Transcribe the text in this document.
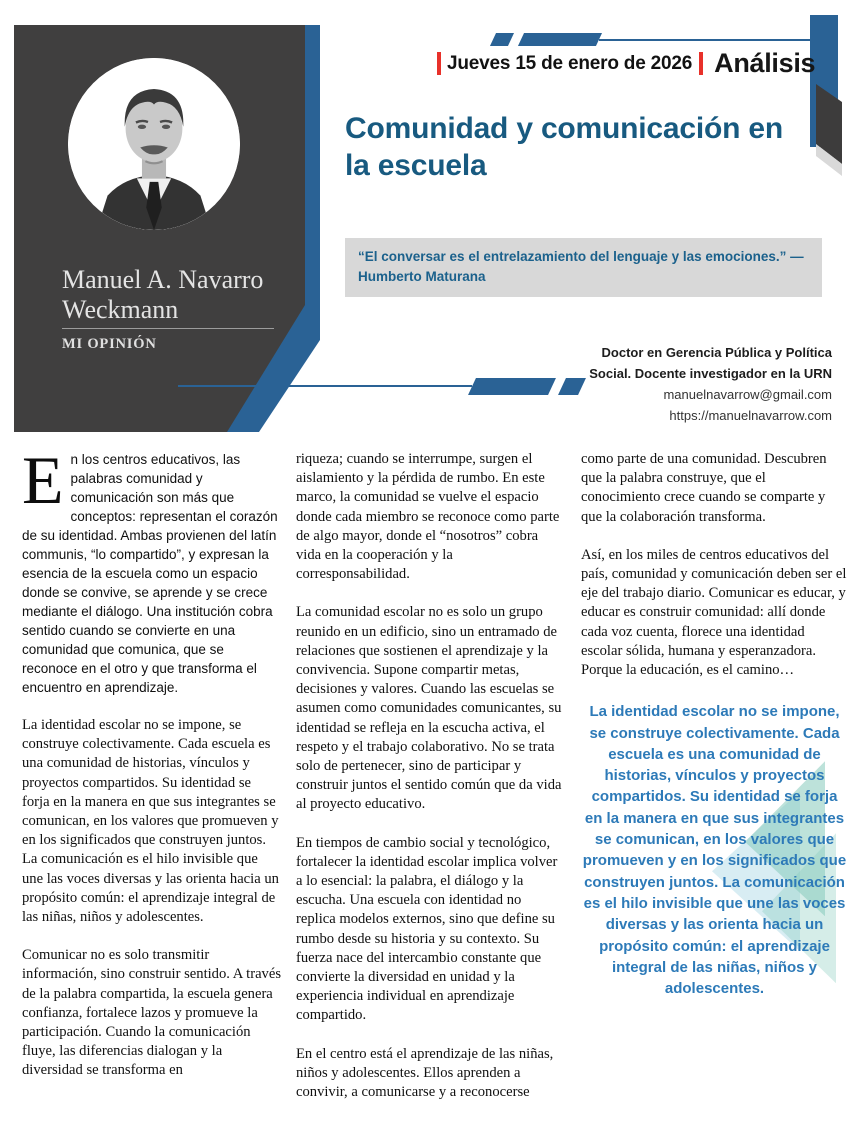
Manuel A. Navarro
Weckmann
MI OPINIÓN
Jueves 15 de enero de 2026 Análisis
Comunidad y comunicación en la escuela
“El conversar es el entrelazamiento del lenguaje y las emociones.” — Humberto Maturana
Doctor en Gerencia Pública y Política
Social. Docente investigador en la URN
manuelnavarrow@gmail.com
https://manuelnavarrow.com

En los centros educativos, las palabras comunidad y comunicación son más que conceptos: representan el corazón de su identidad. Ambas provienen del latín communis, “lo compartido”, y expresan la esencia de la escuela como un espacio donde se convive, se aprende y se crece mediante el diálogo. Una institución cobra sentido cuando se convierte en una comunidad que comunica, que se reconoce en el otro y que transforma el encuentro en aprendizaje.

La identidad escolar no se impone, se construye colectivamente. Cada escuela es una comunidad de historias, vínculos y proyectos compartidos. Su identidad se forja en la manera en que sus integrantes se comunican, en los valores que promueven y en los significados que construyen juntos. La comunicación es el hilo invisible que une las voces diversas y las orienta hacia un propósito común: el aprendizaje integral de las niñas, niños y adolescentes.

Comunicar no es solo transmitir información, sino construir sentido. A través de la palabra compartida, la escuela genera confianza, fortalece lazos y promueve la participación. Cuando la comunicación fluye, las diferencias dialogan y la diversidad se transforma en

riqueza; cuando se interrumpe, surgen el aislamiento y la pérdida de rumbo. En este marco, la comunidad se vuelve el espacio donde cada miembro se reconoce como parte de algo mayor, donde el “nosotros” cobra vida en la cooperación y la corresponsabilidad.

La comunidad escolar no es solo un grupo reunido en un edificio, sino un entramado de relaciones que sostienen el aprendizaje y la convivencia. Supone compartir metas, decisiones y valores. Cuando las escuelas se asumen como comunidades comunicantes, su identidad se refleja en la escucha activa, el respeto y el trabajo colaborativo. No se trata solo de pertenecer, sino de participar y construir juntos el sentido común que da vida al proyecto educativo.

En tiempos de cambio social y tecnológico, fortalecer la identidad escolar implica volver a lo esencial: la palabra, el diálogo y la escucha. Una escuela con identidad no replica modelos externos, sino que define su rumbo desde su historia y su contexto. Su fuerza nace del intercambio constante que convierte la diversidad en unidad y la experiencia individual en aprendizaje compartido.

En el centro está el aprendizaje de las niñas, niños y adolescentes. Ellos aprenden a convivir, a comunicarse y a reconocerse

como parte de una comunidad. Descubren que la palabra construye, que el conocimiento crece cuando se comparte y que la colaboración transforma.

Así, en los miles de centros educativos del país, comunidad y comunicación deben ser el eje del trabajo diario. Comunicar es educar, y educar es construir comunidad: allí donde cada voz cuenta, florece una identidad escolar sólida, humana y esperanzadora. Porque la educación, es el camino…

La identidad escolar no se impone, se construye colectivamente. Cada escuela es una comunidad de historias, vínculos y proyectos compartidos. Su identidad se forja en la manera en que sus integrantes se comunican, en los valores que promueven y en los significados que construyen juntos. La comunicación es el hilo invisible que une las voces diversas y las orienta hacia un propósito común: el aprendizaje integral de las niñas, niños y adolescentes.
